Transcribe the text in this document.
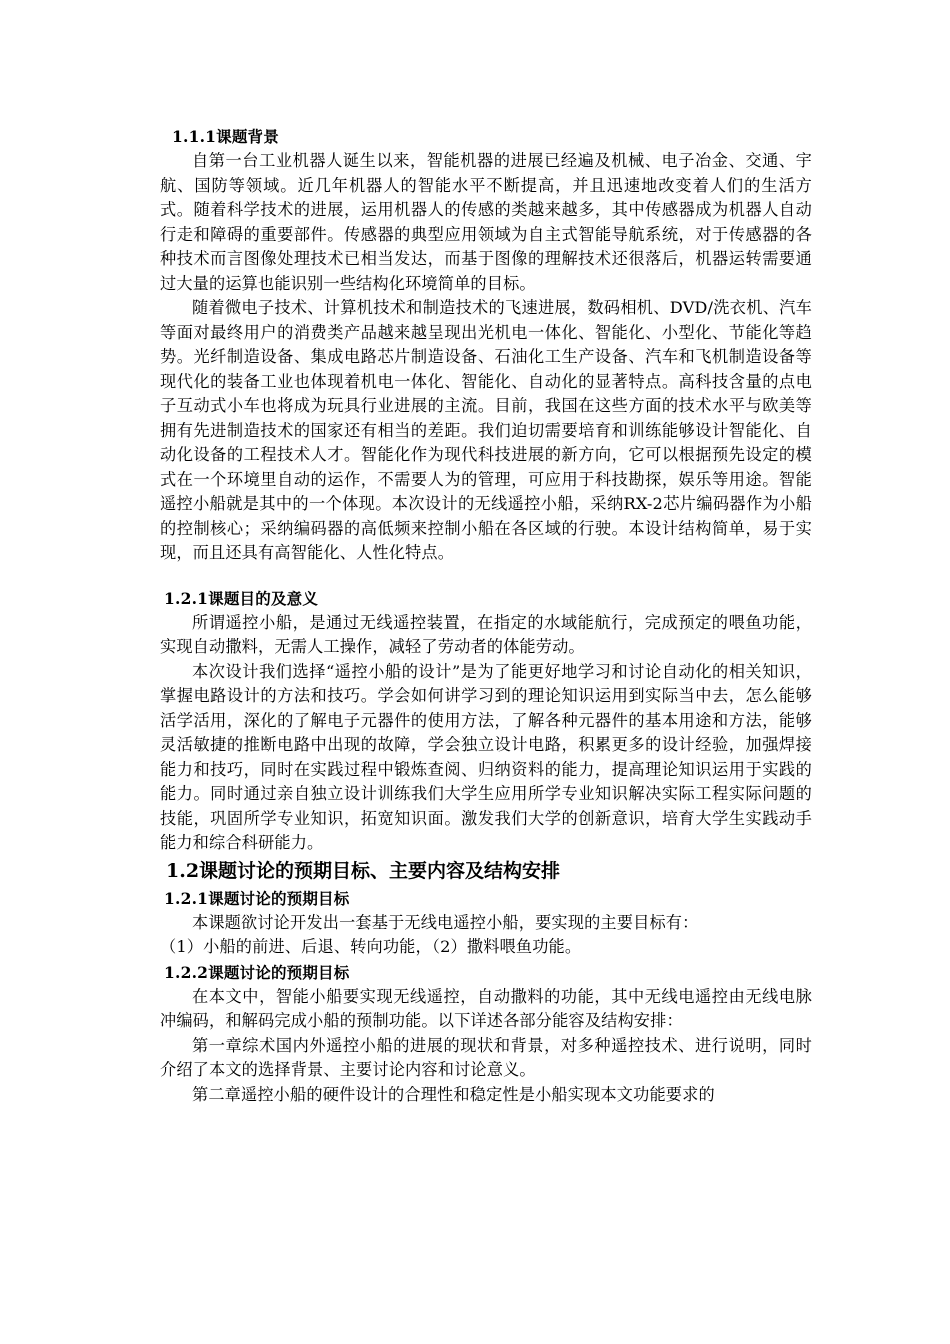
1.1.1课题背景

自第一台工业机器人诞生以来，智能机器的进展已经遍及机械、电子冶金、交通、宇航、国防等领域。近几年机器人的智能水平不断提高，并且迅速地改变着人们的生活方式。随着科学技术的进展，运用机器人的传感的类越来越多，其中传感器成为机器人自动行走和障碍的重要部件。传感器的典型应用领域为自主式智能导航系统，对于传感器的各种技术而言图像处理技术已相当发达，而基于图像的理解技术还很落后，机器运转需要通过大量的运算也能识别一些结构化环境简单的目标。

随着微电子技术、计算机技术和制造技术的飞速进展，数码相机、DVD/洗衣机、汽车等面对最终用户的消费类产品越来越呈现出光机电一体化、智能化、小型化、节能化等趋势。光纤制造设备、集成电路芯片制造设备、石油化工生产设备、汽车和飞机制造设备等现代化的装备工业也体现着机电一体化、智能化、自动化的显著特点。高科技含量的点电子互动式小车也将成为玩具行业进展的主流。目前，我国在这些方面的技术水平与欧美等拥有先进制造技术的国家还有相当的差距。我们迫切需要培育和训练能够设计智能化、自动化设备的工程技术人才。智能化作为现代科技进展的新方向，它可以根据预先设定的模式在一个环境里自动的运作，不需要人为的管理，可应用于科技勘探，娱乐等用途。智能遥控小船就是其中的一个体现。本次设计的无线遥控小船，采纳RX-2芯片编码器作为小船的控制核心；采纳编码器的高低频来控制小船在各区域的行驶。本设计结构简单，易于实现，而且还具有高智能化、人性化特点。

1.2.1课题目的及意义

所谓遥控小船，是通过无线遥控装置，在指定的水域能航行，完成预定的喂鱼功能，实现自动撒料，无需人工操作，减轻了劳动者的体能劳动。

本次设计我们选择“遥控小船的设计”是为了能更好地学习和讨论自动化的相关知识，掌握电路设计的方法和技巧。学会如何讲学习到的理论知识运用到实际当中去，怎么能够活学活用，深化的了解电子元器件的使用方法，了解各种元器件的基本用途和方法，能够灵活敏捷的推断电路中出现的故障，学会独立设计电路，积累更多的设计经验，加强焊接能力和技巧，同时在实践过程中锻炼查阅、归纳资料的能力，提高理论知识运用于实践的能力。同时通过亲自独立设计训练我们大学生应用所学专业知识解决实际工程实际问题的技能，巩固所学专业知识，拓宽知识面。激发我们大学的创新意识，培育大学生实践动手能力和综合科研能力。

1.2课题讨论的预期目标、主要内容及结构安排
1.2.1课题讨论的预期目标

本课题欲讨论开发出一套基于无线电遥控小船，要实现的主要目标有：

（1）小船的前进、后退、转向功能，（2）撒料喂鱼功能。

1.2.2课题讨论的预期目标

在本文中，智能小船要实现无线遥控，自动撒料的功能，其中无线电遥控由无线电脉冲编码，和解码完成小船的预制功能。以下详述各部分能容及结构安排：

第一章综术国内外遥控小船的进展的现状和背景，对多种遥控技术、进行说明，同时介绍了本文的选择背景、主要讨论内容和讨论意义。

第二章遥控小船的硬件设计的合理性和稳定性是小船实现本文功能要求的
